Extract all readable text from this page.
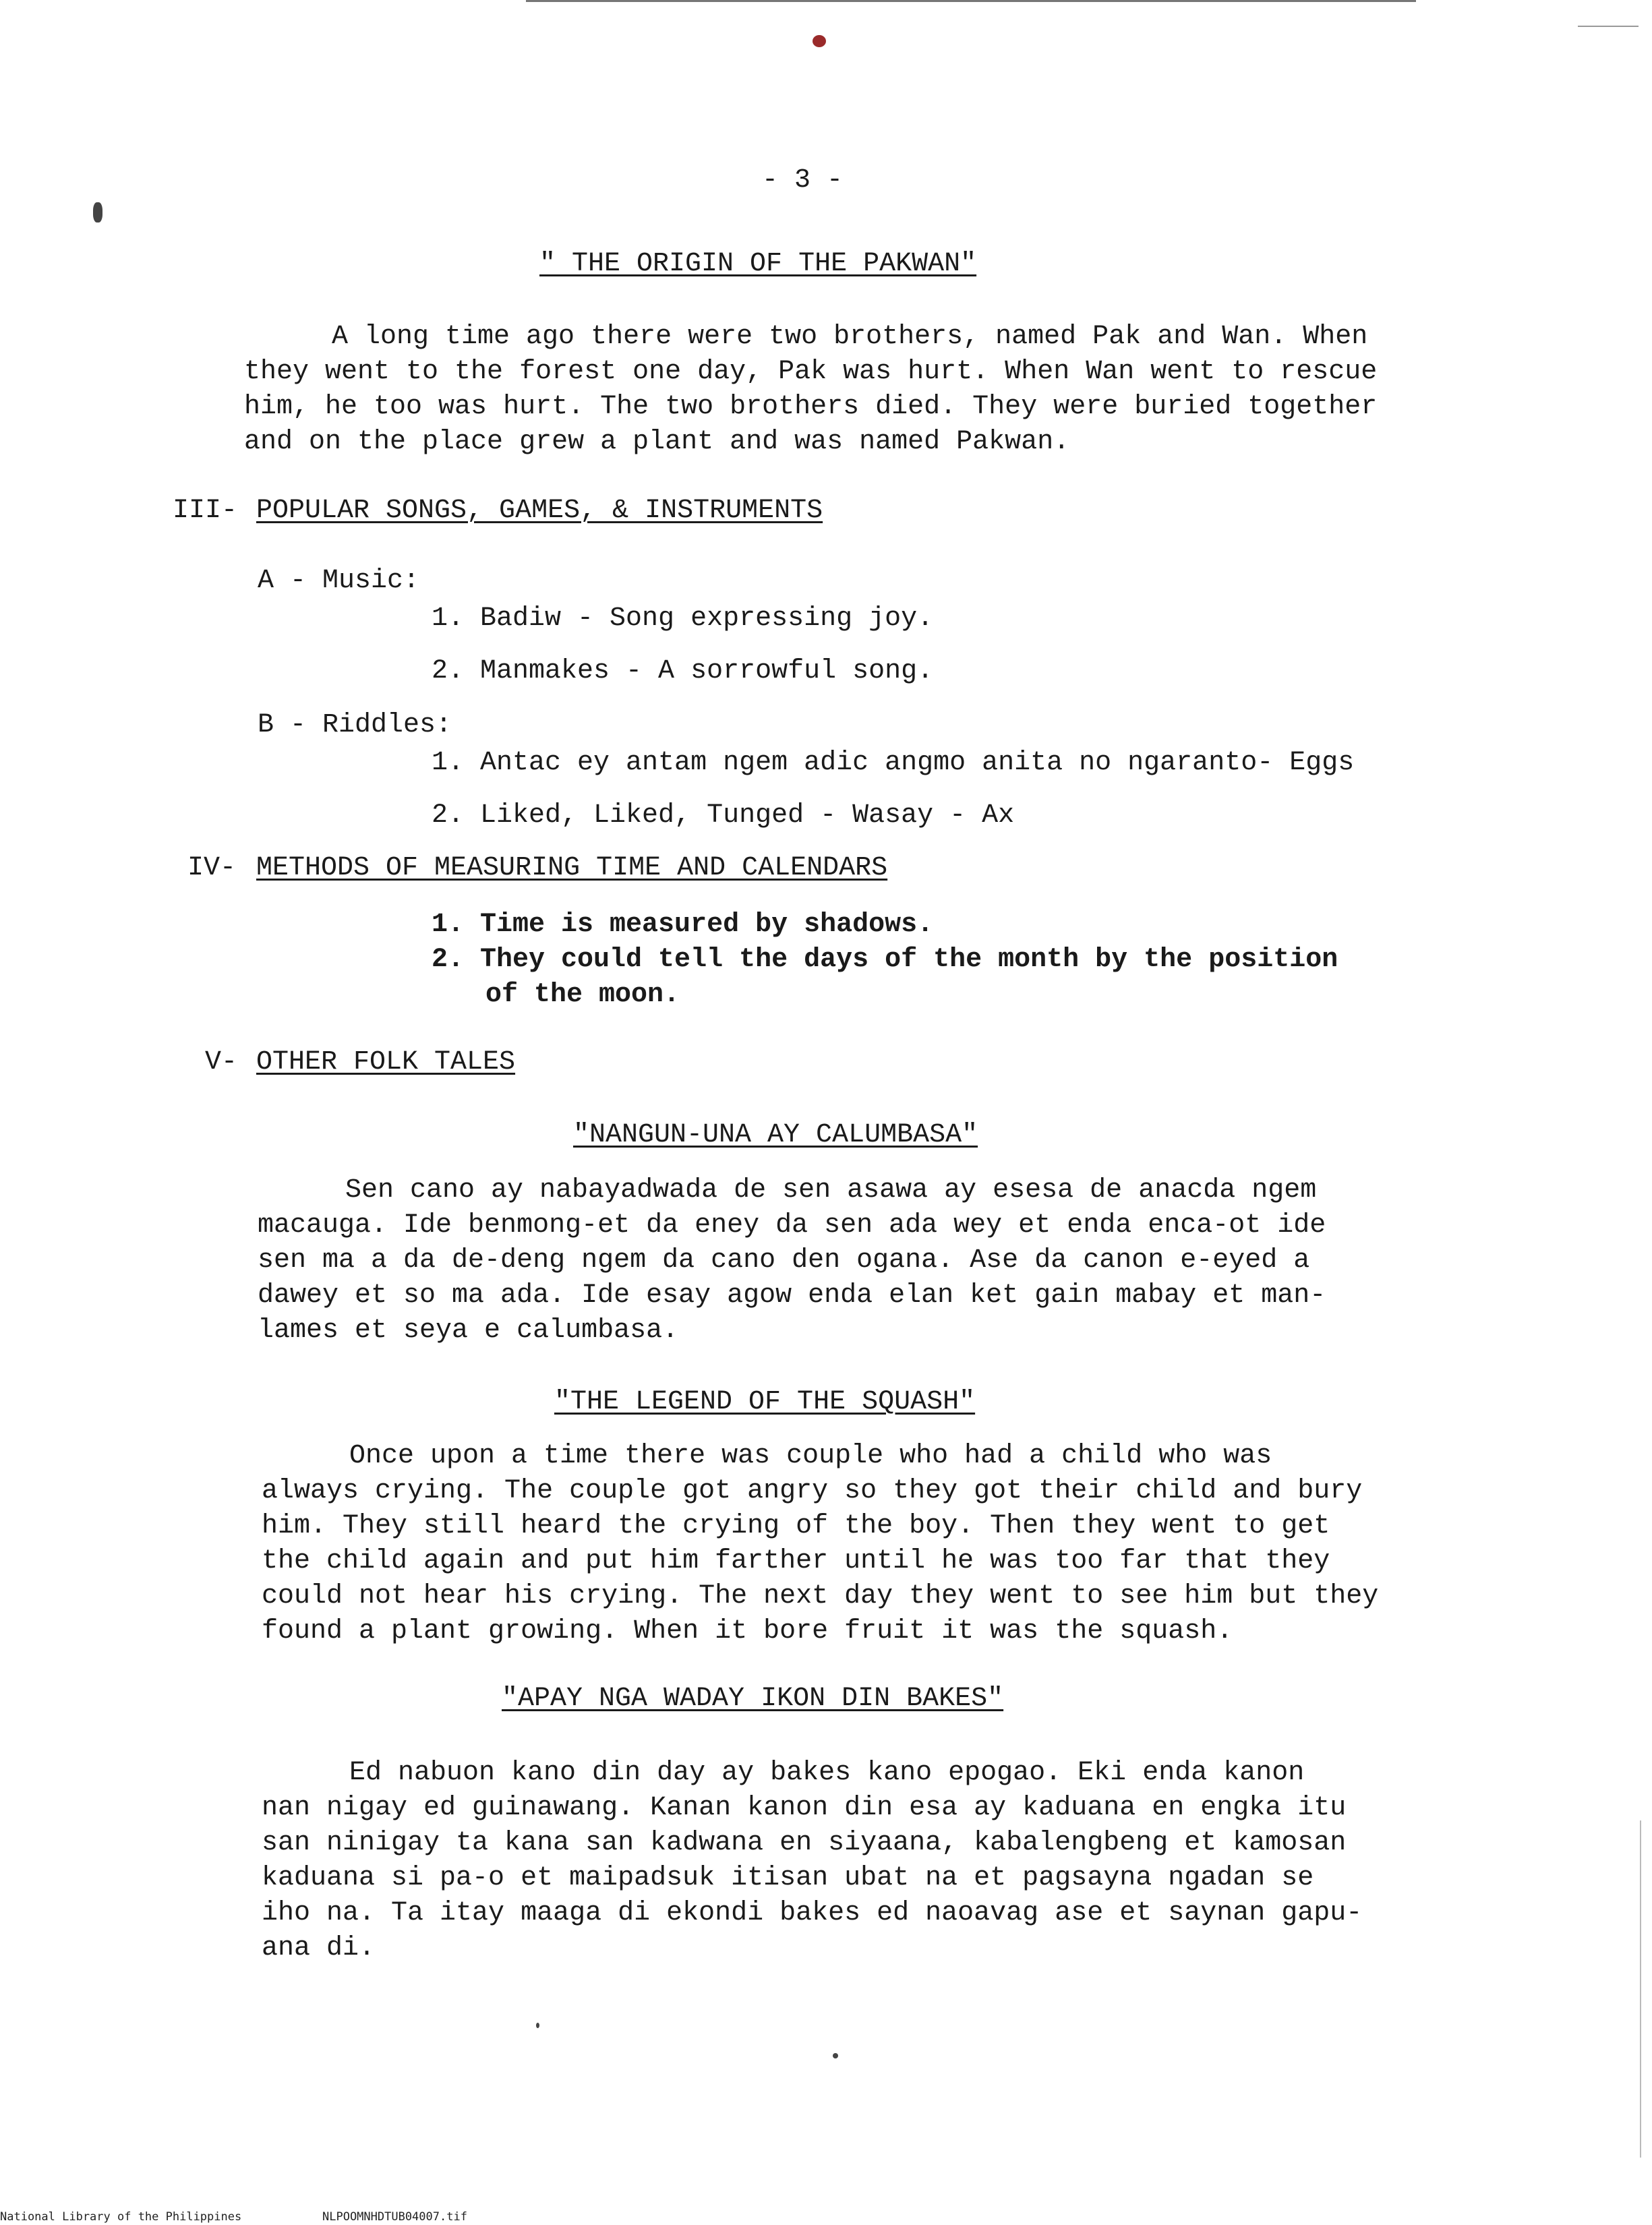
- 3 -
" THE ORIGIN OF THE PAKWAN"
A long time ago there were two brothers, named Pak and Wan. When
they went to the forest one day, Pak was hurt. When Wan went to rescue
him, he too was hurt. The two brothers died. They were buried together
and on the place grew a plant and was named Pakwan.
III- POPULAR SONGS, GAMES, & INSTRUMENTS
A - Music:
1. Badiw - Song expressing joy.
2. Manmakes - A sorrowful song.
B - Riddles:
1. Antac ey antam ngem adic angmo anita no ngaranto- Eggs
2. Liked, Liked, Tunged - Wasay - Ax
IV- METHODS OF MEASURING TIME AND CALENDARS
1. Time is measured by shadows.
2. They could tell the days of the month by the position
of the moon.
V- OTHER FOLK TALES
"NANGUN-UNA AY CALUMBASA"
Sen cano ay nabayadwada de sen asawa ay esesa de anacda ngem
macauga. Ide benmong-et da eney da sen ada wey et enda enca-ot ide
sen ma a da de-deng ngem da cano den ogana. Ase da canon e-eyed a
dawey et so ma ada. Ide esay agow enda elan ket gain mabay et man-
lames et seya e calumbasa.
"THE LEGEND OF THE SQUASH"
Once upon a time there was couple who had a child who was
always crying. The couple got angry so they got their child and bury
him. They still heard the crying of the boy. Then they went to get
the child again and put him farther until he was too far that they
could not hear his crying. The next day they went to see him but they
found a plant growing. When it bore fruit it was the squash.
"APAY NGA WADAY IKON DIN BAKES"
Ed nabuon kano din day ay bakes kano epogao. Eki enda kanon
nan nigay ed guinawang. Kanan kanon din esa ay kaduana en engka itu
san ninigay ta kana san kadwana en siyaana, kabalengbeng et kamosan
kaduana si pa-o et maipadsuk itisan ubat na et pagsayna ngadan se
iho na. Ta itay maaga di ekondi bakes ed naoavag ase et saynan gapu-
ana di.
National Library of the Philippines	NLPOOMNHDTUB04007.tif
